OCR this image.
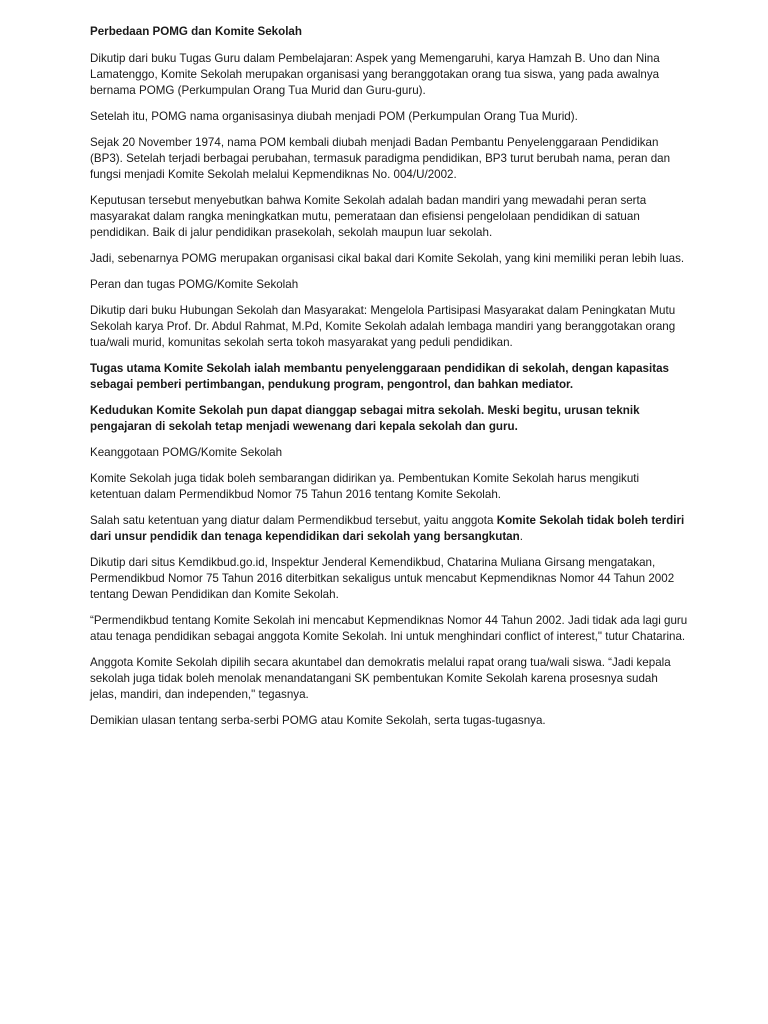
Perbedaan POMG dan Komite Sekolah

Dikutip dari buku Tugas Guru dalam Pembelajaran: Aspek yang Memengaruhi, karya Hamzah B. Uno dan Nina Lamatenggo, Komite Sekolah merupakan organisasi yang beranggotakan orang tua siswa, yang pada awalnya bernama POMG (Perkumpulan Orang Tua Murid dan Guru-guru).

Setelah itu, POMG nama organisasinya diubah menjadi POM (Perkumpulan Orang Tua Murid).

Sejak 20 November 1974, nama POM kembali diubah menjadi Badan Pembantu Penyelenggaraan Pendidikan (BP3). Setelah terjadi berbagai perubahan, termasuk paradigma pendidikan, BP3 turut berubah nama, peran dan fungsi menjadi Komite Sekolah melalui Kepmendiknas No. 004/U/2002.

Keputusan tersebut menyebutkan bahwa Komite Sekolah adalah badan mandiri yang mewadahi peran serta masyarakat dalam rangka meningkatkan mutu, pemerataan dan efisiensi pengelolaan pendidikan di satuan pendidikan. Baik di jalur pendidikan prasekolah, sekolah maupun luar sekolah.

Jadi, sebenarnya POMG merupakan organisasi cikal bakal dari Komite Sekolah, yang kini memiliki peran lebih luas.

Peran dan tugas POMG/Komite Sekolah

Dikutip dari buku Hubungan Sekolah dan Masyarakat: Mengelola Partisipasi Masyarakat dalam Peningkatan Mutu Sekolah karya Prof. Dr. Abdul Rahmat, M.Pd, Komite Sekolah adalah lembaga mandiri yang beranggotakan orang tua/wali murid, komunitas sekolah serta tokoh masyarakat yang peduli pendidikan.

Tugas utama Komite Sekolah ialah membantu penyelenggaraan pendidikan di sekolah, dengan kapasitas sebagai pemberi pertimbangan, pendukung program, pengontrol, dan bahkan mediator.

Kedudukan Komite Sekolah pun dapat dianggap sebagai mitra sekolah. Meski begitu, urusan teknik pengajaran di sekolah tetap menjadi wewenang dari kepala sekolah dan guru.

Keanggotaan POMG/Komite Sekolah

Komite Sekolah juga tidak boleh sembarangan didirikan ya. Pembentukan Komite Sekolah harus mengikuti ketentuan dalam Permendikbud Nomor 75 Tahun 2016 tentang Komite Sekolah.

Salah satu ketentuan yang diatur dalam Permendikbud tersebut, yaitu anggota Komite Sekolah tidak boleh terdiri dari unsur pendidik dan tenaga kependidikan dari sekolah yang bersangkutan.

Dikutip dari situs Kemdikbud.go.id, Inspektur Jenderal Kemendikbud, Chatarina Muliana Girsang mengatakan, Permendikbud Nomor 75 Tahun 2016 diterbitkan sekaligus untuk mencabut Kepmendiknas Nomor 44 Tahun 2002 tentang Dewan Pendidikan dan Komite Sekolah.

“Permendikbud tentang Komite Sekolah ini mencabut Kepmendiknas Nomor 44 Tahun 2002. Jadi tidak ada lagi guru atau tenaga pendidikan sebagai anggota Komite Sekolah. Ini untuk menghindari conflict of interest," tutur Chatarina.

Anggota Komite Sekolah dipilih secara akuntabel dan demokratis melalui rapat orang tua/wali siswa. “Jadi kepala sekolah juga tidak boleh menolak menandatangani SK pembentukan Komite Sekolah karena prosesnya sudah jelas, mandiri, dan independen," tegasnya.

Demikian ulasan tentang serba-serbi POMG atau Komite Sekolah, serta tugas-tugasnya.
